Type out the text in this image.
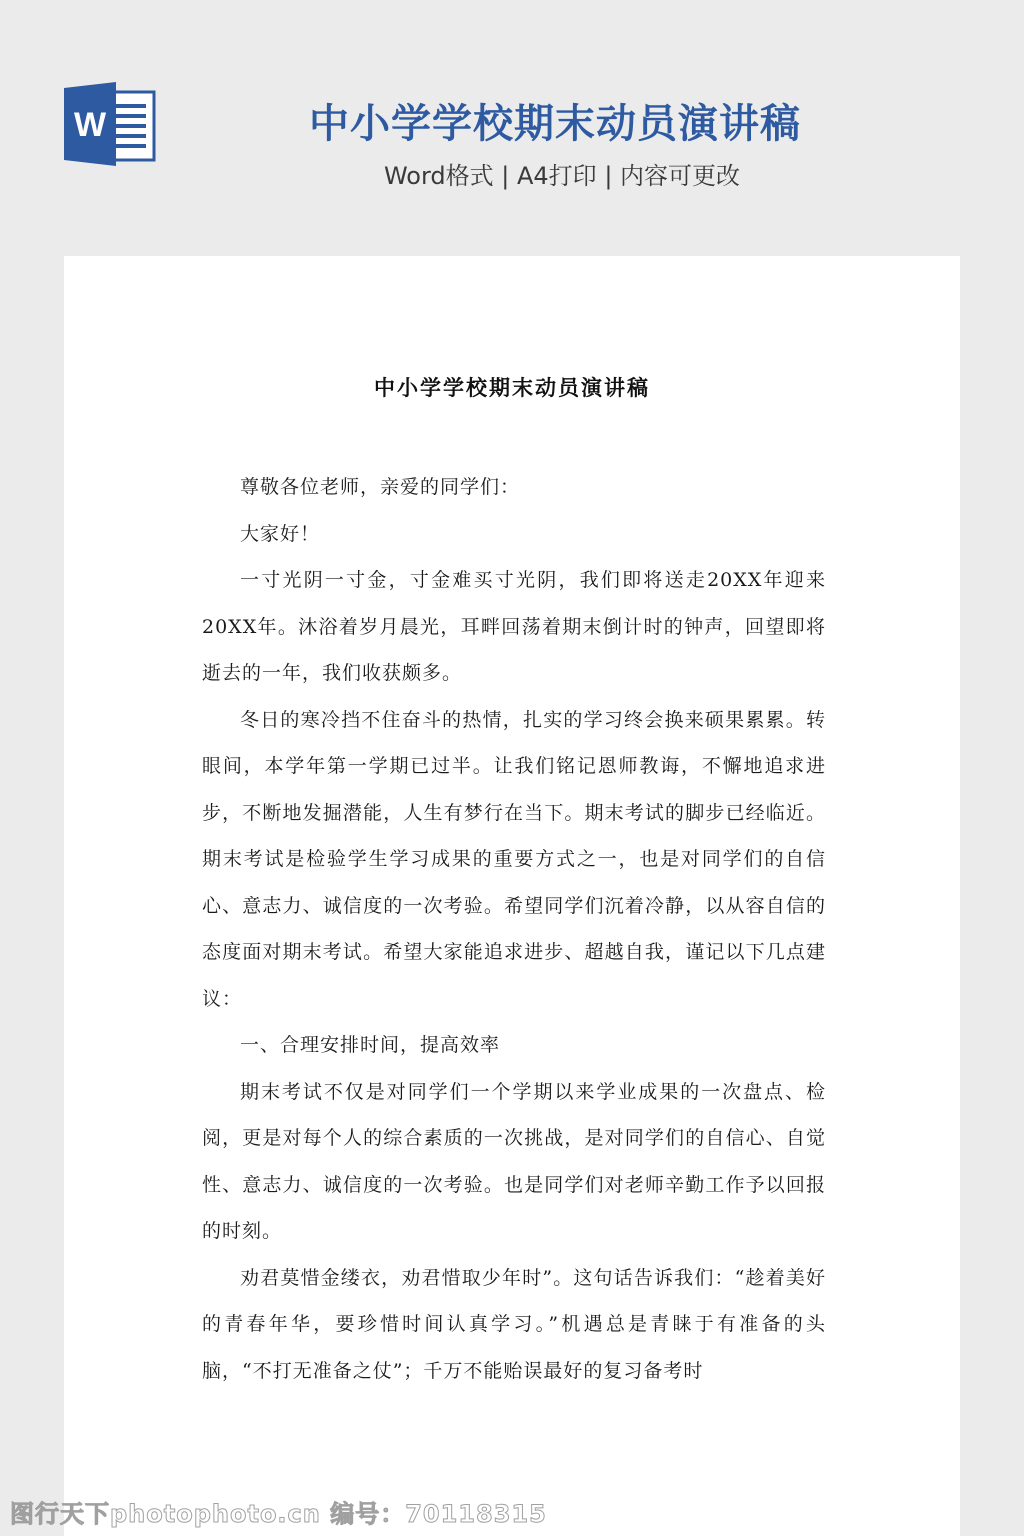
W	中小学学校期末动员演讲稿
Word格式 | A4打印 | 内容可更改
中小学学校期末动员演讲稿

尊敬各位老师，亲爱的同学们：

大家好！

一寸光阴一寸金，寸金难买寸光阴，我们即将送走20XX年迎来20XX年。沐浴着岁月晨光，耳畔回荡着期末倒计时的钟声，回望即将逝去的一年，我们收获颇多。

冬日的寒冷挡不住奋斗的热情，扎实的学习终会换来硕果累累。转眼间，本学年第一学期已过半。让我们铭记恩师教诲，不懈地追求进步，不断地发掘潜能，人生有梦行在当下。期末考试的脚步已经临近。期末考试是检验学生学习成果的重要方式之一，也是对同学们的自信心、意志力、诚信度的一次考验。希望同学们沉着冷静，以从容自信的态度面对期末考试。希望大家能追求进步、超越自我，谨记以下几点建议：

一、合理安排时间，提高效率

期末考试不仅是对同学们一个学期以来学业成果的一次盘点、检阅，更是对每个人的综合素质的一次挑战，是对同学们的自信心、自觉性、意志力、诚信度的一次考验。也是同学们对老师辛勤工作予以回报的时刻。

劝君莫惜金缕衣，劝君惜取少年时”。这句话告诉我们：“趁着美好的青春年华，要珍惜时间认真学习。”机遇总是青睐于有准备的头脑，“不打无准备之仗”；千万不能贻误最好的复习备考时

图行天下photophoto.cn 编号：70118315
